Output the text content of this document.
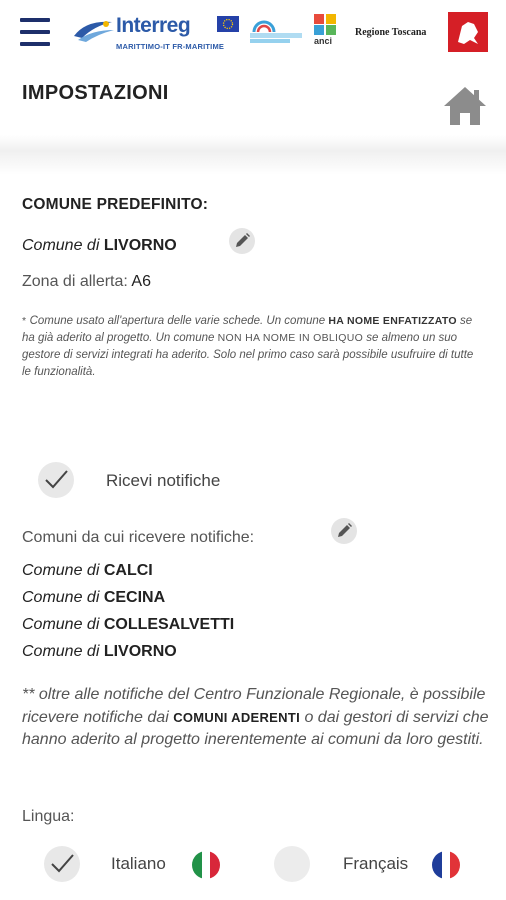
Interreg
MARITTIMO-IT FR-MARITIME
anci
Regione Toscana
IMPOSTAZIONI
COMUNE PREDEFINITO:
Comune di LIVORNO
Zona di allerta: A6
* Comune usato all'apertura delle varie schede. Un comune HA NOME ENFATIZZATO se ha già aderito al progetto. Un comune NON HA NOME IN OBLIQUO se almeno un suo gestore di servizi integrati ha aderito. Solo nel primo caso sarà possibile usufruire di tutte le funzionalità.
Ricevi notifiche
Comuni da cui ricevere notifiche:
Comune di CALCI
Comune di CECINA
Comune di COLLESALVETTI
Comune di LIVORNO
** oltre alle notifiche del Centro Funzionale Regionale, è possibile ricevere notifiche dai COMUNI ADERENTI o dai gestori di servizi che hanno aderito al progetto inerentemente ai comuni da loro gestiti.
Lingua:
Italiano	Français
